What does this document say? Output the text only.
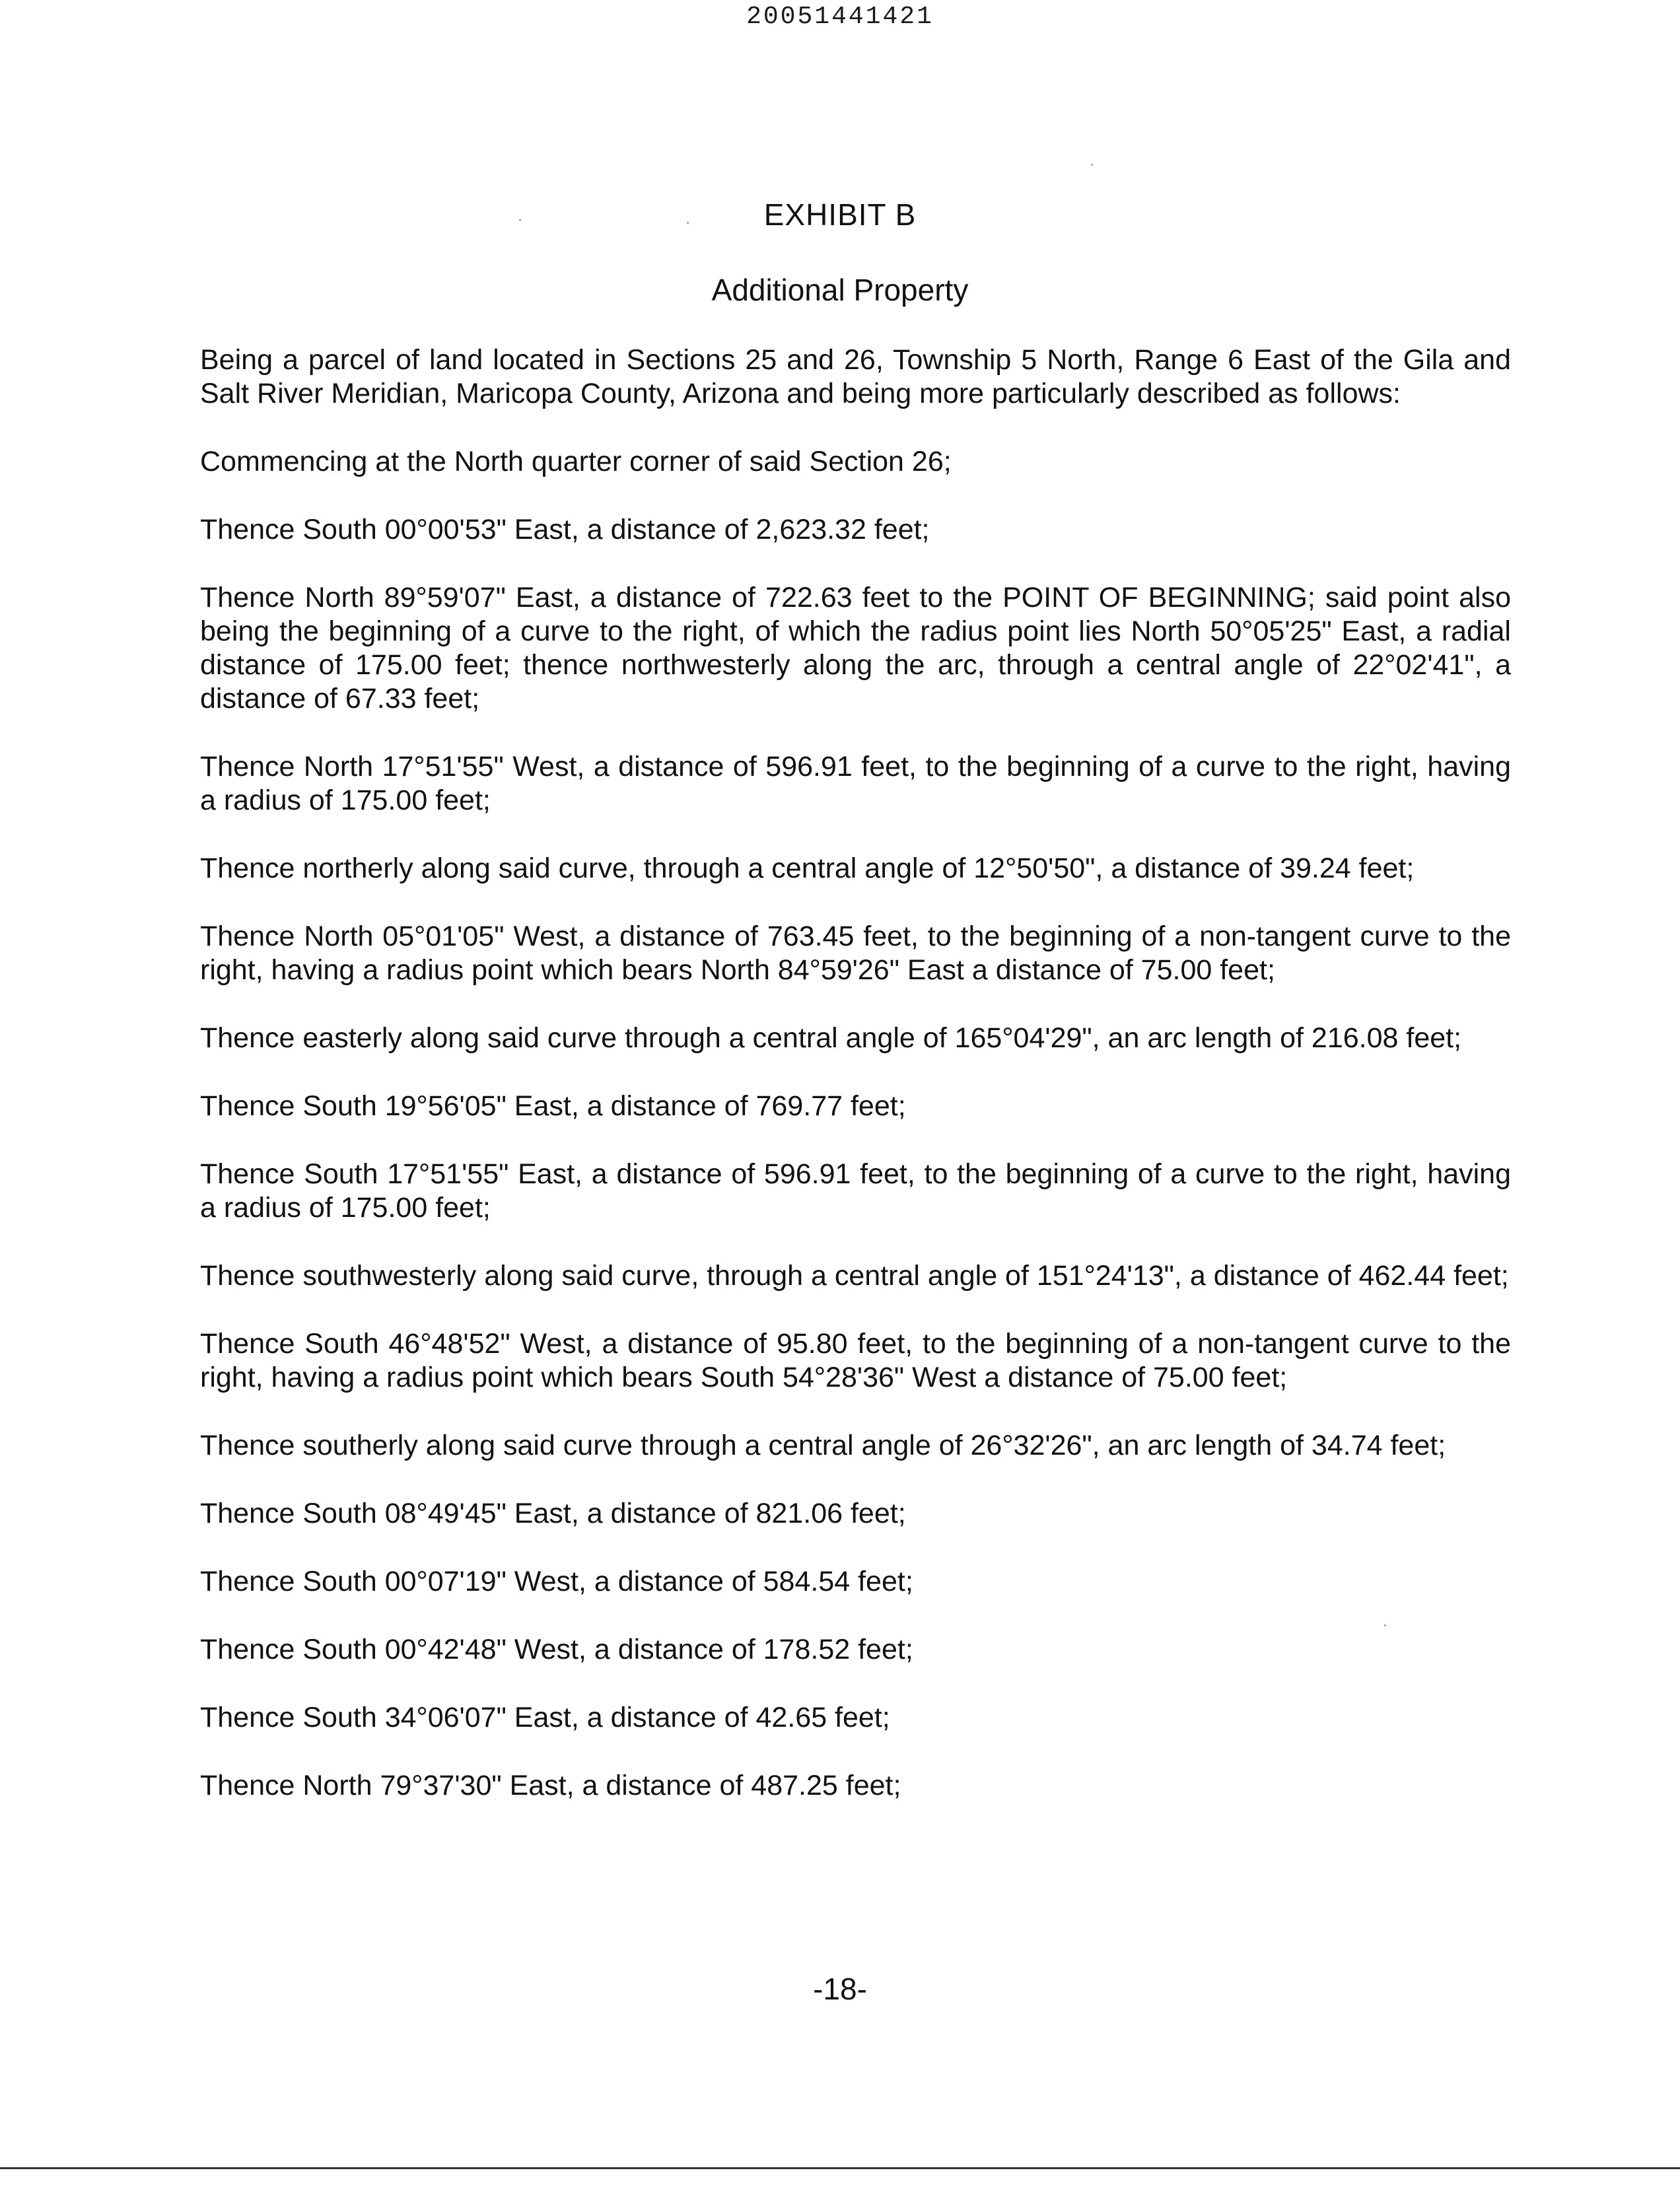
20051441421
EXHIBIT B
Additional Property

Being a parcel of land located in Sections 25 and 26, Township 5 North, Range 6 East of the Gila and Salt River Meridian, Maricopa County, Arizona and being more particularly described as follows:

Commencing at the North quarter corner of said Section 26;

Thence South 00°00'53" East, a distance of 2,623.32 feet;

Thence North 89°59'07" East, a distance of 722.63 feet to the POINT OF BEGINNING; said point also being the beginning of a curve to the right, of which the radius point lies North 50°05'25" East, a radial distance of 175.00 feet; thence northwesterly along the arc, through a central angle of 22°02'41", a distance of 67.33 feet;

Thence North 17°51'55" West, a distance of 596.91 feet, to the beginning of a curve to the right, having a radius of 175.00 feet;

Thence northerly along said curve, through a central angle of 12°50'50", a distance of 39.24 feet;

Thence North 05°01'05" West, a distance of 763.45 feet, to the beginning of a non-tangent curve to the right, having a radius point which bears North 84°59'26" East a distance of 75.00 feet;

Thence easterly along said curve through a central angle of 165°04'29", an arc length of 216.08 feet;

Thence South 19°56'05" East, a distance of 769.77 feet;

Thence South 17°51'55" East, a distance of 596.91 feet, to the beginning of a curve to the right, having a radius of 175.00 feet;

Thence southwesterly along said curve, through a central angle of 151°24'13", a distance of 462.44 feet;

Thence South 46°48'52" West, a distance of 95.80 feet, to the beginning of a non-tangent curve to the right, having a radius point which bears South 54°28'36" West a distance of 75.00 feet;

Thence southerly along said curve through a central angle of 26°32'26", an arc length of 34.74 feet;

Thence South 08°49'45" East, a distance of 821.06 feet;

Thence South 00°07'19" West, a distance of 584.54 feet;

Thence South 00°42'48" West, a distance of 178.52 feet;

Thence South 34°06'07" East, a distance of 42.65 feet;

Thence North 79°37'30" East, a distance of 487.25 feet;

-18-
